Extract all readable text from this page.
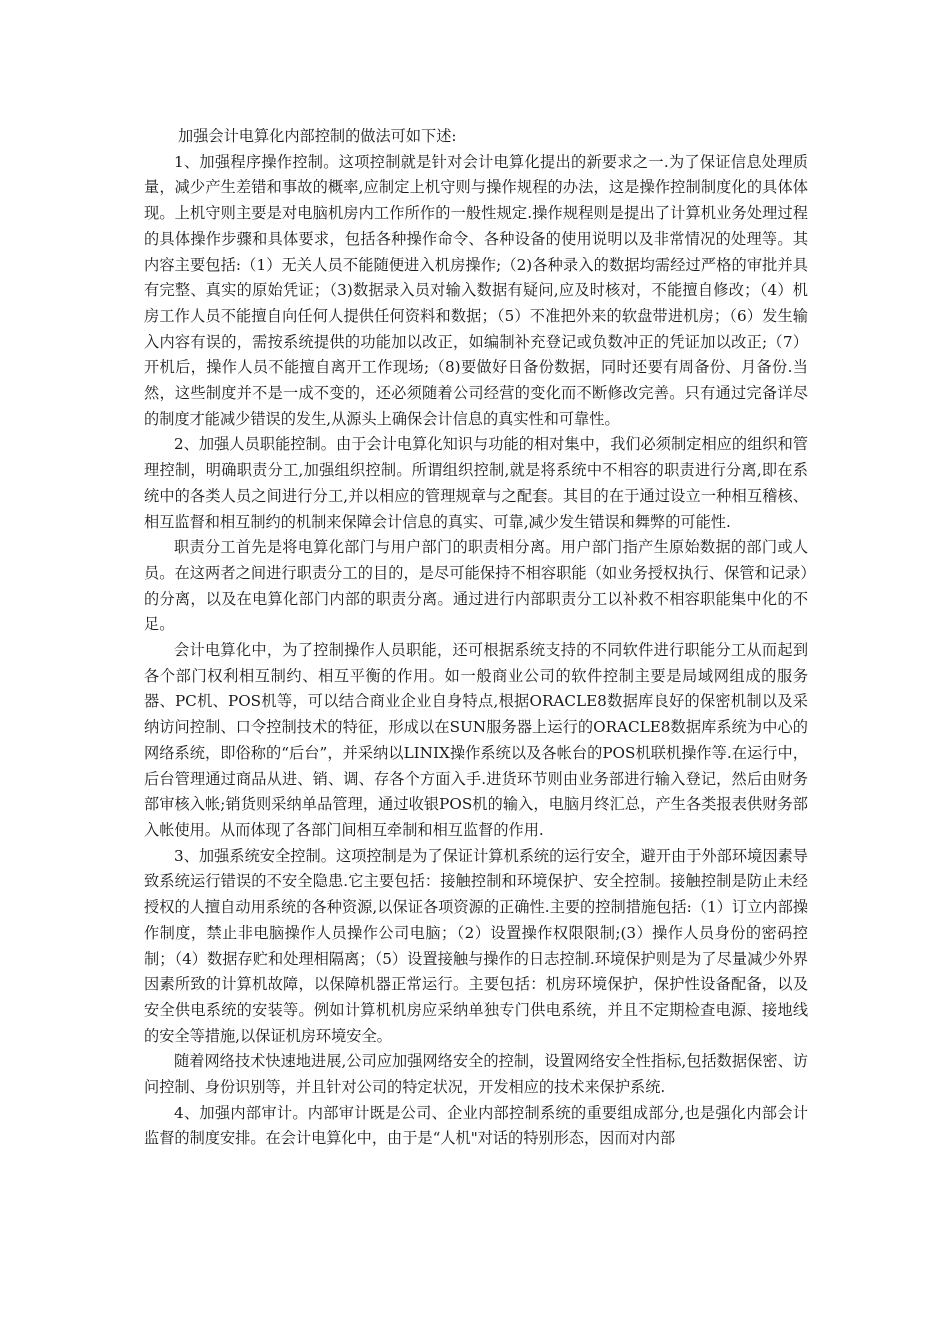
加强会计电算化内部控制的做法可如下述:

1、加强程序操作控制。这项控制就是针对会计电算化提出的新要求之一.为了保证信息处理质量，减少产生差错和事故的概率,应制定上机守则与操作规程的办法，这是操作控制制度化的具体体现。上机守则主要是对电脑机房内工作所作的一般性规定.操作规程则是提出了计算机业务处理过程的具体操作步骤和具体要求，包括各种操作命令、各种设备的使用说明以及非常情况的处理等。其内容主要包括:（1）无关人员不能随便进入机房操作;（2)各种录入的数据均需经过严格的审批并具有完整、真实的原始凭证；（3)数据录入员对输入数据有疑问,应及时核对，不能擅自修改；（4）机房工作人员不能擅自向任何人提供任何资料和数据；（5）不准把外来的软盘带进机房；（6）发生输入内容有误的，需按系统提供的功能加以改正，如编制补充登记或负数冲正的凭证加以改正;（7）开机后，操作人员不能擅自离开工作现场;（8)要做好日备份数据，同时还要有周备份、月备份.当然，这些制度并不是一成不变的，还必须随着公司经营的变化而不断修改完善。只有通过完备详尽的制度才能减少错误的发生,从源头上确保会计信息的真实性和可靠性。

2、加强人员职能控制。由于会计电算化知识与功能的相对集中，我们必须制定相应的组织和管理控制，明确职责分工,加强组织控制。所谓组织控制,就是将系统中不相容的职责进行分离,即在系统中的各类人员之间进行分工,并以相应的管理规章与之配套。其目的在于通过设立一种相互稽核、相互监督和相互制约的机制来保障会计信息的真实、可靠,减少发生错误和舞弊的可能性.

职责分工首先是将电算化部门与用户部门的职责相分离。用户部门指产生原始数据的部门或人员。在这两者之间进行职责分工的目的，是尽可能保持不相容职能（如业务授权执行、保管和记录）的分离，以及在电算化部门内部的职责分离。通过进行内部职责分工以补救不相容职能集中化的不足。

会计电算化中，为了控制操作人员职能，还可根据系统支持的不同软件进行职能分工从而起到各个部门权利相互制约、相互平衡的作用。如一般商业公司的软件控制主要是局域网组成的服务器、PC机、POS机等，可以结合商业企业自身特点,根据ORACLE8数据库良好的保密机制以及采纳访问控制、口令控制技术的特征，形成以在SUN服务器上运行的ORACLE8数据库系统为中心的网络系统，即俗称的“后台”，并采纳以LINIX操作系统以及各帐台的POS机联机操作等.在运行中，后台管理通过商品从进、销、调、存各个方面入手.进货环节则由业务部进行输入登记，然后由财务部审核入帐;销货则采纳单品管理，通过收银POS机的输入，电脑月终汇总，产生各类报表供财务部入帐使用。从而体现了各部门间相互牵制和相互监督的作用.

3、加强系统安全控制。这项控制是为了保证计算机系统的运行安全，避开由于外部环境因素导致系统运行错误的不安全隐患.它主要包括：接触控制和环境保护、安全控制。接触控制是防止未经授权的人擅自动用系统的各种资源,以保证各项资源的正确性.主要的控制措施包括:（1）订立内部操作制度，禁止非电脑操作人员操作公司电脑；（2）设置操作权限限制;(3）操作人员身份的密码控制；（4）数据存贮和处理相隔离；（5）设置接触与操作的日志控制.环境保护则是为了尽量减少外界因素所致的计算机故障，以保障机器正常运行。主要包括：机房环境保护，保护性设备配备，以及安全供电系统的安装等。例如计算机机房应采纳单独专门供电系统，并且不定期检查电源、接地线的安全等措施,以保证机房环境安全。

随着网络技术快速地进展,公司应加强网络安全的控制，设置网络安全性指标,包括数据保密、访问控制、身份识别等，并且针对公司的特定状况，开发相应的技术来保护系统.

4、加强内部审计。内部审计既是公司、企业内部控制系统的重要组成部分,也是强化内部会计监督的制度安排。在会计电算化中，由于是“人机"对话的特别形态，因而对内部
